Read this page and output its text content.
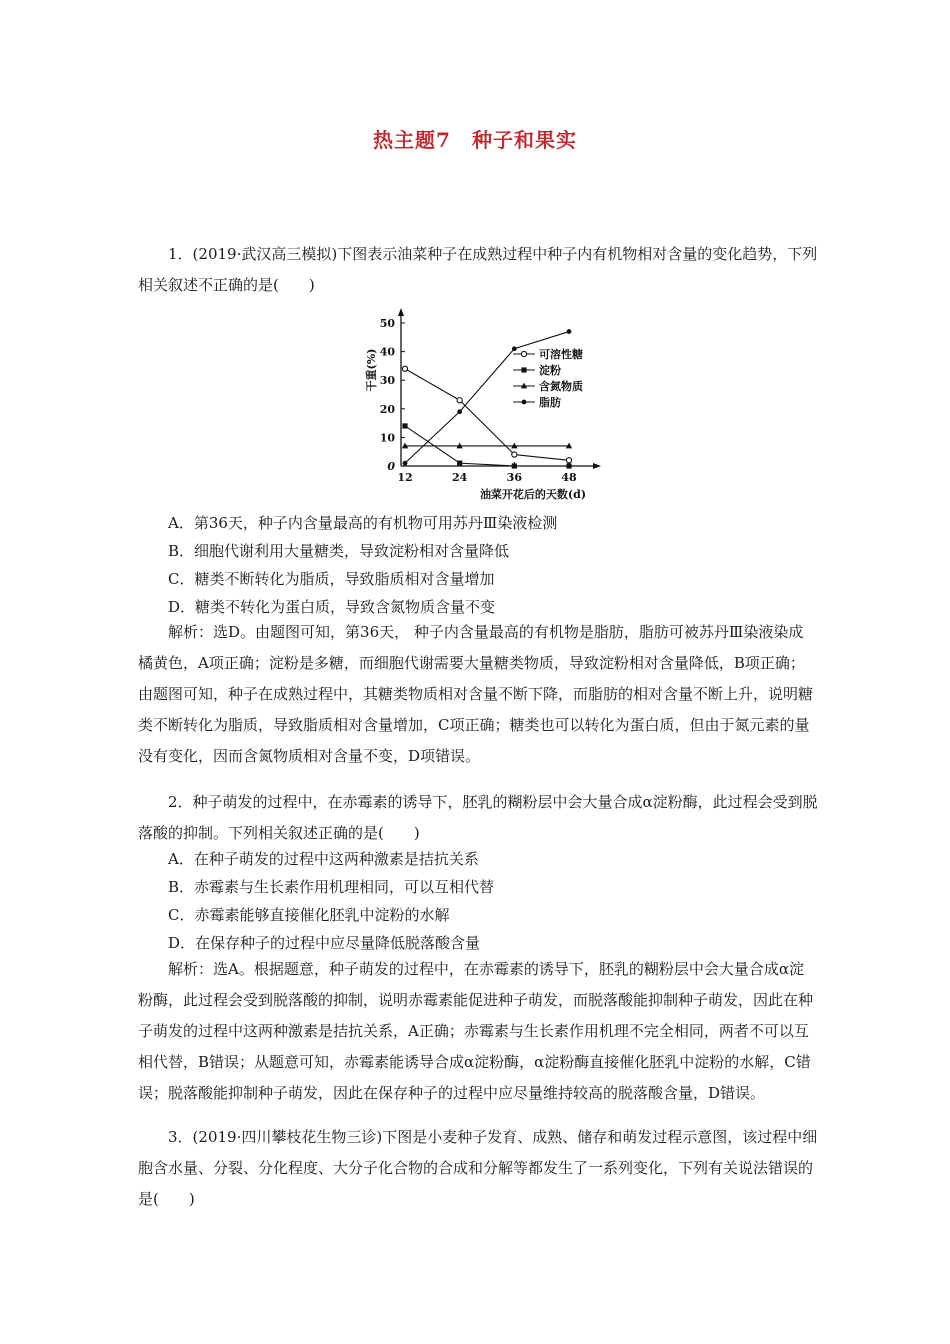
热主题7　种子和果实

1．(2019·武汉高三模拟)下图表示油菜种子在成熟过程中种子内有机物相对含量的变化趋势，下列相关叙述不正确的是(　　)

10
20
30
40
50
0
12	24	36	48
干重(%)
油菜开花后的天数(d)
可溶性糖
淀粉
含氮物质
脂肪

A．第36天，种子内含量最高的有机物可用苏丹Ⅲ染液检测

B．细胞代谢利用大量糖类，导致淀粉相对含量降低

C．糖类不断转化为脂质，导致脂质相对含量增加

D．糖类不转化为蛋白质，导致含氮物质含量不变

解析：选D。由题图可知，第36天， 种子内含量最高的有机物是脂肪，脂肪可被苏丹Ⅲ染液染成橘黄色，A项正确；淀粉是多糖，而细胞代谢需要大量糖类物质，导致淀粉相对含量降低，B项正确；由题图可知，种子在成熟过程中，其糖类物质相对含量不断下降，而脂肪的相对含量不断上升，说明糖类不断转化为脂质，导致脂质相对含量增加，C项正确；糖类也可以转化为蛋白质，但由于氮元素的量没有变化，因而含氮物质相对含量不变，D项错误。

2．种子萌发的过程中，在赤霉素的诱导下，胚乳的糊粉层中会大量合成α淀粉酶，此过程会受到脱落酸的抑制。下列相关叙述正确的是(　　)

A．在种子萌发的过程中这两种激素是拮抗关系

B．赤霉素与生长素作用机理相同，可以互相代替

C．赤霉素能够直接催化胚乳中淀粉的水解

D．在保存种子的过程中应尽量降低脱落酸含量

解析：选A。根据题意，种子萌发的过程中，在赤霉素的诱导下，胚乳的糊粉层中会大量合成α淀粉酶，此过程会受到脱落酸的抑制，说明赤霉素能促进种子萌发，而脱落酸能抑制种子萌发，因此在种子萌发的过程中这两种激素是拮抗关系，A正确；赤霉素与生长素作用机理不完全相同，两者不可以互相代替，B错误；从题意可知，赤霉素能诱导合成α淀粉酶，α淀粉酶直接催化胚乳中淀粉的水解，C错误；脱落酸能抑制种子萌发，因此在保存种子的过程中应尽量维持较高的脱落酸含量，D错误。

3．(2019·四川攀枝花生物三诊)下图是小麦种子发育、成熟、储存和萌发过程示意图，该过程中细胞含水量、分裂、分化程度、大分子化合物的合成和分解等都发生了一系列变化，下列有关说法错误的是(　　)
